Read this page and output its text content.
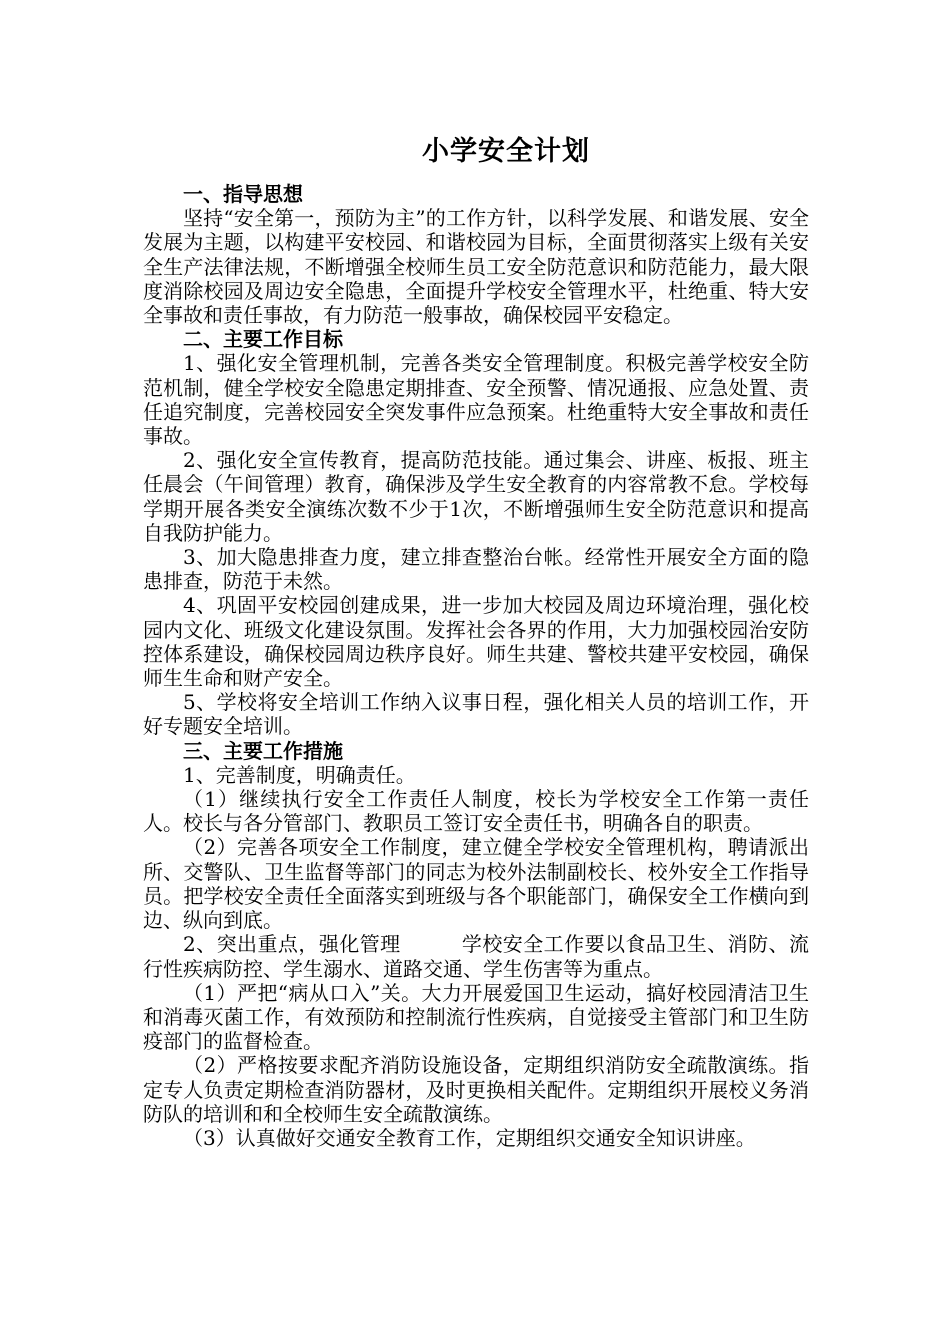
小学安全计划

一、指导思想

坚持“安全第一，预防为主”的工作方针，以科学发展、和谐发展、安全发展为主题，以构建平安校园、和谐校园为目标，全面贯彻落实上级有关安全生产法律法规，不断增强全校师生员工安全防范意识和防范能力，最大限度消除校园及周边安全隐患，全面提升学校安全管理水平，杜绝重、特大安全事故和责任事故，有力防范一般事故，确保校园平安稳定。

二、主要工作目标

1、强化安全管理机制，完善各类安全管理制度。积极完善学校安全防范机制，健全学校安全隐患定期排查、安全预警、情况通报、应急处置、责任追究制度，完善校园安全突发事件应急预案。杜绝重特大安全事故和责任事故。

2、强化安全宣传教育，提高防范技能。通过集会、讲座、板报、班主任晨会（午间管理）教育，确保涉及学生安全教育的内容常教不怠。学校每学期开展各类安全演练次数不少于1次，不断增强师生安全防范意识和提高自我防护能力。

3、加大隐患排查力度，建立排查整治台帐。经常性开展安全方面的隐患排查，防范于未然。

4、巩固平安校园创建成果，进一步加大校园及周边环境治理，强化校园内文化、班级文化建设氛围。发挥社会各界的作用，大力加强校园治安防控体系建设，确保校园周边秩序良好。师生共建、警校共建平安校园，确保师生生命和财产安全。

5、学校将安全培训工作纳入议事日程，强化相关人员的培训工作，开好专题安全培训。

三、主要工作措施

1、完善制度，明确责任。

（1）继续执行安全工作责任人制度，校长为学校安全工作第一责任人。校长与各分管部门、教职员工签订安全责任书，明确各自的职责。

（2）完善各项安全工作制度，建立健全学校安全管理机构，聘请派出所、交警队、卫生监督等部门的同志为校外法制副校长、校外安全工作指导员。把学校安全责任全面落实到班级与各个职能部门，确保安全工作横向到边、纵向到底。

2、突出重点，强化管理　　　学校安全工作要以食品卫生、消防、流行性疾病防控、学生溺水、道路交通、学生伤害等为重点。

（1）严把“病从口入”关。大力开展爱国卫生运动，搞好校园清洁卫生和消毒灭菌工作，有效预防和控制流行性疾病，自觉接受主管部门和卫生防疫部门的监督检查。

（2）严格按要求配齐消防设施设备，定期组织消防安全疏散演练。指定专人负责定期检查消防器材，及时更换相关配件。定期组织开展校义务消防队的培训和和全校师生安全疏散演练。

（3）认真做好交通安全教育工作，定期组织交通安全知识讲座。
